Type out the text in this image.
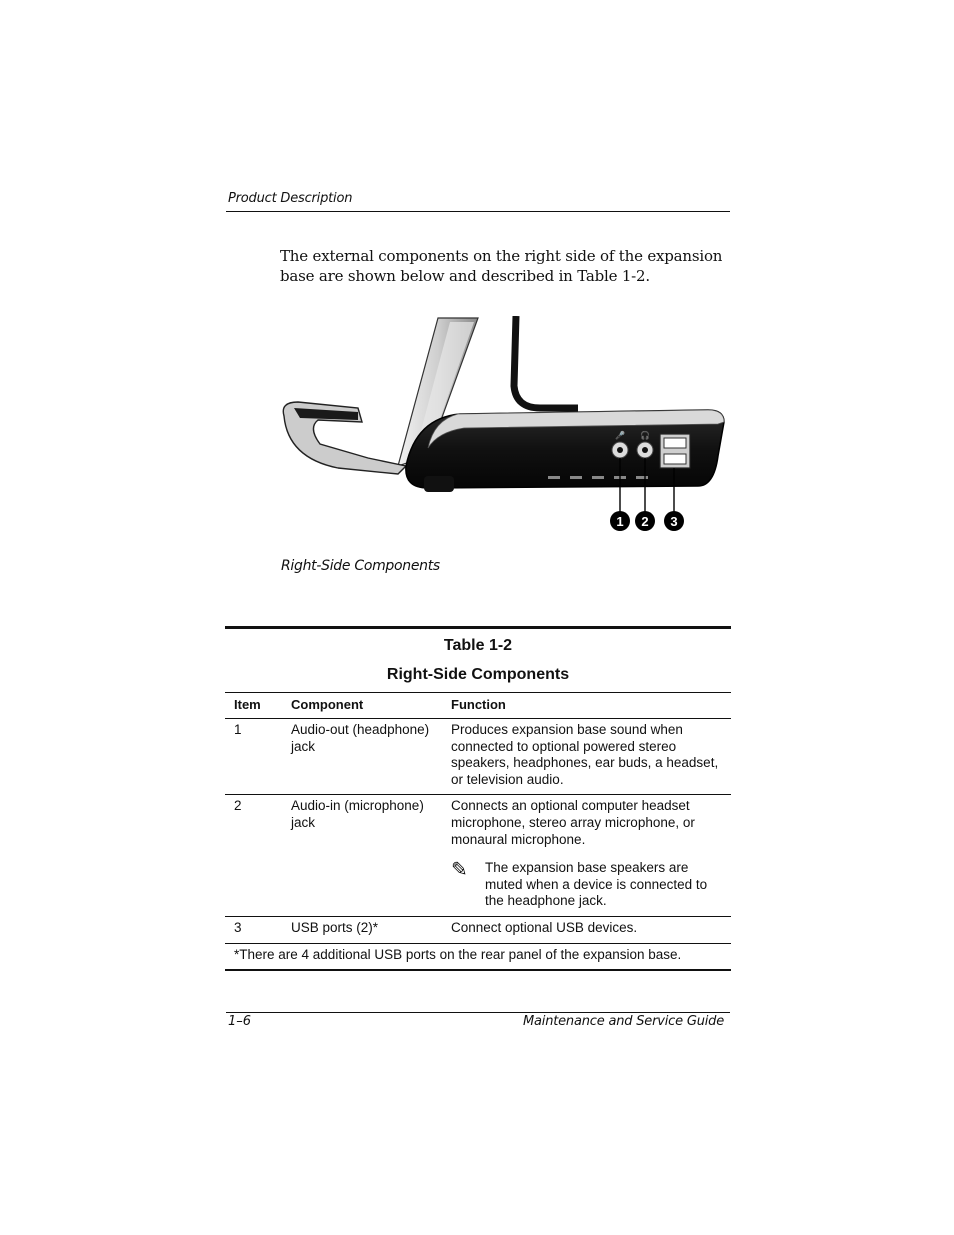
Product Description
The external components on the right side of the expansion base are shown below and described in Table 1-2.
🎤 🎧
1 2 3
Right-Side Components
Table 1-2
Right-Side Components
Item	Component	Function
1	Audio-out (headphone) jack	Produces expansion base sound when connected to optional powered stereo speakers, headphones, ear buds, a headset, or television audio.
2	Audio-in (microphone) jack	Connects an optional computer headset microphone, stereo array microphone, or monaural microphone.
✎ The expansion base speakers are muted when a device is connected to the headphone jack.

3	USB ports (2)*	Connect optional USB devices.
*There are 4 additional USB ports on the rear panel of the expansion base.		
1–6	Maintenance and Service Guide
